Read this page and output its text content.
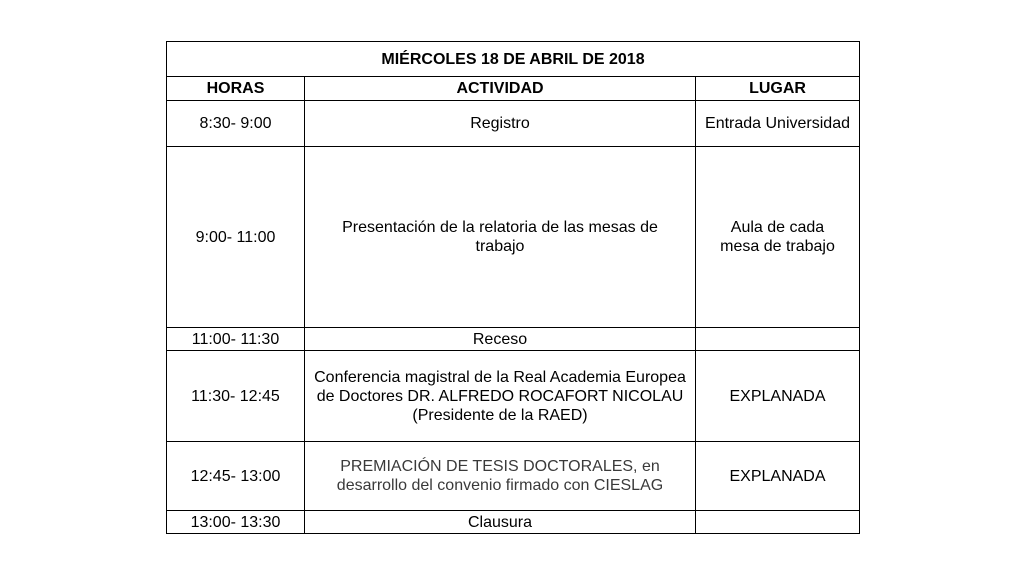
MIÉRCOLES 18 DE ABRIL DE 2018		
HORAS	ACTIVIDAD	LUGAR
8:30- 9:00	Registro	Entrada Universidad
9:00- 11:00	Presentación de la relatoria de las mesas de trabajo	Aula de cada mesa de trabajo
11:00- 11:30	Receso	
11:30- 12:45	Conferencia magistral de la Real Academia Europea de Doctores DR. ALFREDO ROCAFORT NICOLAU (Presidente de la RAED)	EXPLANADA
12:45- 13:00	PREMIACIÓN DE TESIS DOCTORALES, en desarrollo del convenio firmado con CIESLAG	EXPLANADA
13:00- 13:30	Clausura	
